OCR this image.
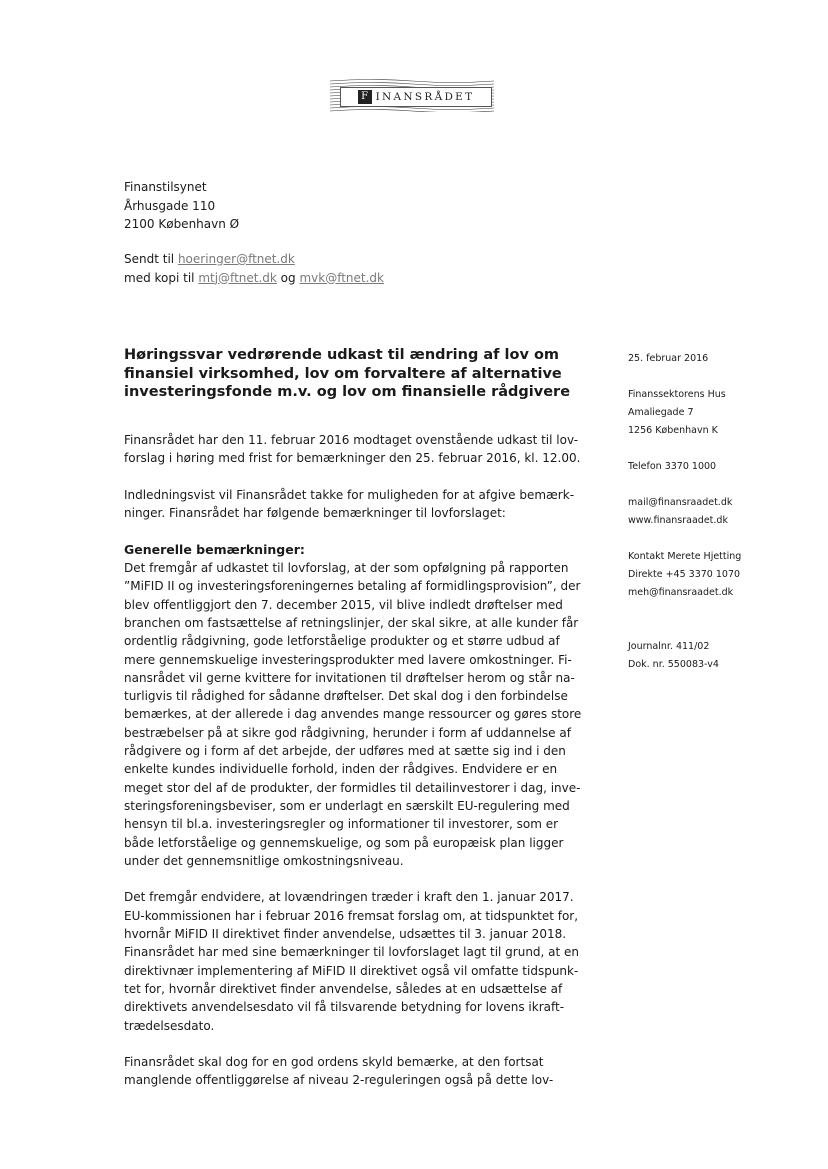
F INANSRÅDET
Finanstilsynet
Århusgade 110
2100 København Ø
Sendt til hoeringer@ftnet.dk
med kopi til mtj@ftnet.dk og mvk@ftnet.dk
Høringssvar vedrørende udkast til ændring af lov om
finansiel virksomhed, lov om forvaltere af alternative
investeringsfonde m.v. og lov om finansielle rådgivere

Finansrådet har den 11. februar 2016 modtaget ovenstående udkast til lov-
forslag i høring med frist for bemærkninger den 25. februar 2016, kl. 12.00.

Indledningsvist vil Finansrådet takke for muligheden for at afgive bemærk-
ninger. Finansrådet har følgende bemærkninger til lovforslaget:

Generelle bemærkninger:

Det fremgår af udkastet til lovforslag, at der som opfølgning på rapporten
”MiFID II og investeringsforeningernes betaling af formidlingsprovision”, der
blev offentliggjort den 7. december 2015, vil blive indledt drøftelser med
branchen om fastsættelse af retningslinjer, der skal sikre, at alle kunder får
ordentlig rådgivning, gode letforståelige produkter og et større udbud af
mere gennemskuelige investeringsprodukter med lavere omkostninger. Fi-
nansrådet vil gerne kvittere for invitationen til drøftelser herom og står na-
turligvis til rådighed for sådanne drøftelser. Det skal dog i den forbindelse
bemærkes, at der allerede i dag anvendes mange ressourcer og gøres store
bestræbelser på at sikre god rådgivning, herunder i form af uddannelse af
rådgivere og i form af det arbejde, der udføres med at sætte sig ind i den
enkelte kundes individuelle forhold, inden der rådgives. Endvidere er en
meget stor del af de produkter, der formidles til detailinvestorer i dag, inve-
steringsforeningsbeviser, som er underlagt en særskilt EU-regulering med
hensyn til bl.a. investeringsregler og informationer til investorer, som er
både letforståelige og gennemskuelige, og som på europæisk plan ligger
under det gennemsnitlige omkostningsniveau.

Det fremgår endvidere, at lovændringen træder i kraft den 1. januar 2017.
EU-kommissionen har i februar 2016 fremsat forslag om, at tidspunktet for,
hvornår MiFID II direktivet finder anvendelse, udsættes til 3. januar 2018.
Finansrådet har med sine bemærkninger til lovforslaget lagt til grund, at en
direktivnær implementering af MiFID II direktivet også vil omfatte tidspunk-
tet for, hvornår direktivet finder anvendelse, således at en udsættelse af
direktivets anvendelsesdato vil få tilsvarende betydning for lovens ikraft-
trædelsesdato.

Finansrådet skal dog for en god ordens skyld bemærke, at den fortsat
manglende offentliggørelse af niveau 2-reguleringen også på dette lov-

25. februar 2016
Finanssektorens Hus
Amaliegade 7
1256 København K
Telefon 3370 1000
mail@finansraadet.dk
www.finansraadet.dk
Kontakt Merete Hjetting
Direkte +45 3370 1070
meh@finansraadet.dk
Journalnr. 411/02
Dok. nr. 550083-v4
